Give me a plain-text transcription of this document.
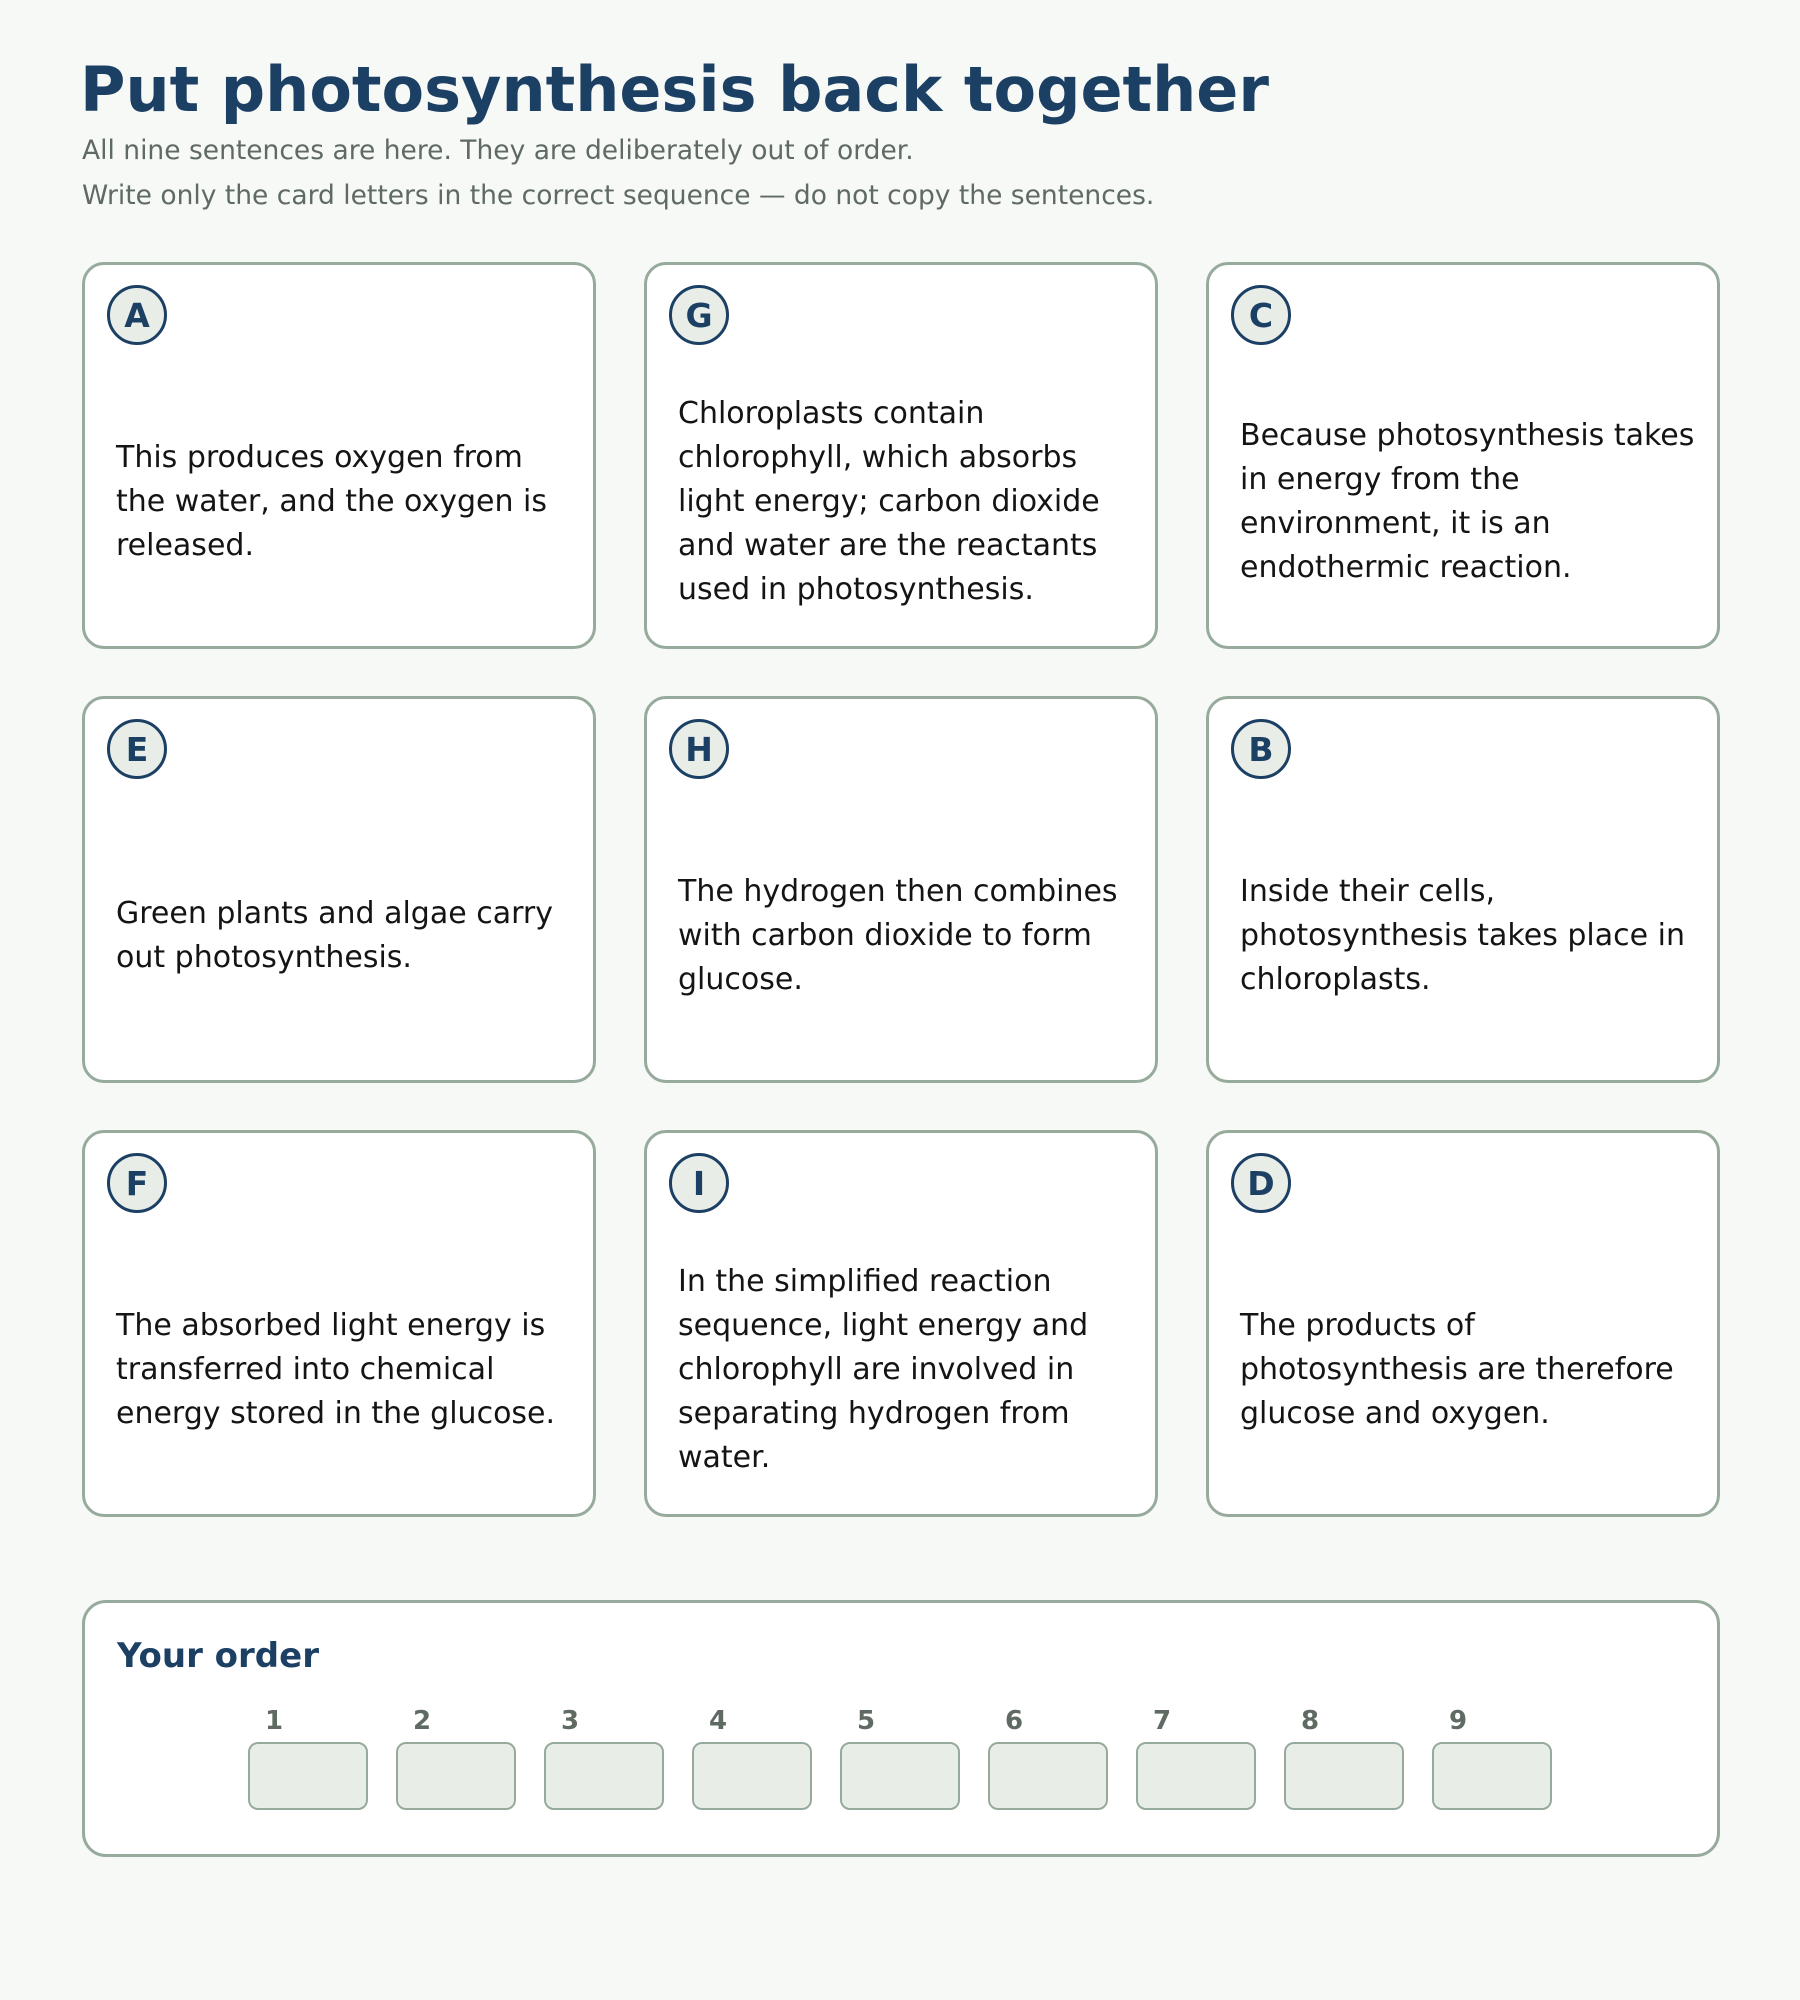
Put photosynthesis back together

All nine sentences are here. They are deliberately out of order.

Write only the card letters in the correct sequence — do not copy the sentences.

A
This produces oxygen from the water, and the oxygen is released.
G
Chloroplasts contain chlorophyll, which absorbs light energy; carbon dioxide and water are the reactants used in photosynthesis.
C
Because photosynthesis takes in energy from the environment, it is an endothermic reaction.
E
Green plants and algae carry out photosynthesis.
H
The hydrogen then combines with carbon dioxide to form glucose.
B
Inside their cells, photosynthesis takes place in chloroplasts.
F
The absorbed light energy is transferred into chemical energy stored in the glucose.
I
In the simplified reaction sequence, light energy and chlorophyll are involved in separating hydrogen from water.
D
The products of photosynthesis are therefore glucose and oxygen.
Your order
1	2	3	4	5	6	7	8	9
